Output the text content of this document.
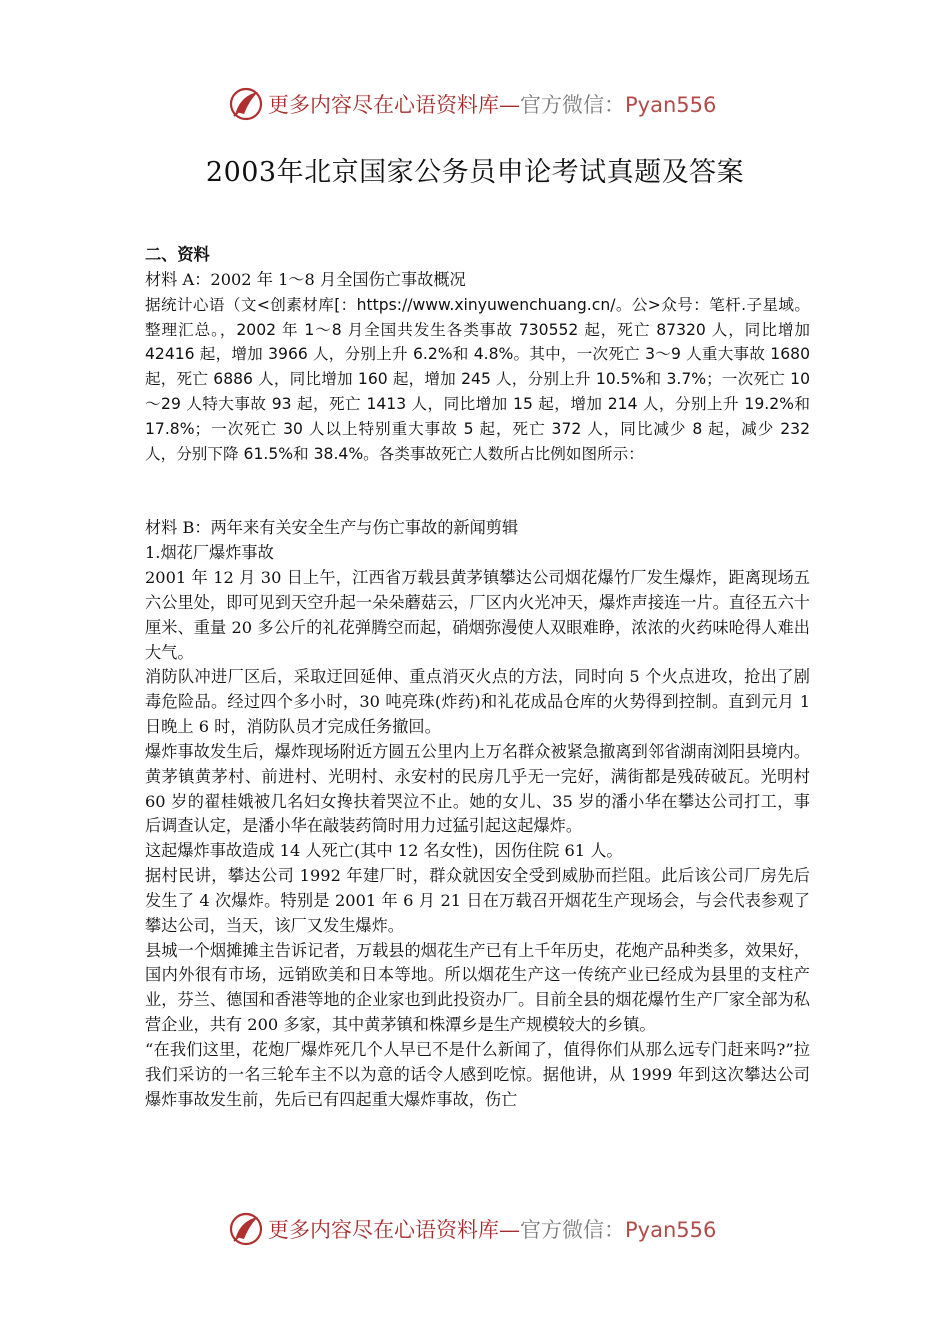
更多内容尽在心语资料库—官方微信：Pyan556
2003年北京国家公务员申论考试真题及答案

二、资料

材料 A：2002 年 1～8 月全国伤亡事故概况

据统计心语（文<创素材库[：https://www.xinyuwenchuang.cn/。公>众号：笔杆.子星域。整理汇总。，2002 年 1～8 月全国共发生各类事故 730552 起，死亡 87320 人，同比增加 42416 起，增加 3966 人，分别上升 6.2%和 4.8%。其中，一次死亡 3～9 人重大事故 1680 起，死亡 6886 人，同比增加 160 起，增加 245 人，分别上升 10.5%和 3.7%；一次死亡 10～29 人特大事故 93 起，死亡 1413 人，同比增加 15 起，增加 214 人，分别上升 19.2%和 17.8%；一次死亡 30 人以上特别重大事故 5 起，死亡 372 人，同比减少 8 起，减少 232 人，分别下降 61.5%和 38.4%。各类事故死亡人数所占比例如图所示：

材料 B：两年来有关安全生产与伤亡事故的新闻剪辑

1.烟花厂爆炸事故

2001 年 12 月 30 日上午，江西省万载县黄茅镇攀达公司烟花爆竹厂发生爆炸，距离现场五六公里处，即可见到天空升起一朵朵蘑菇云，厂区内火光冲天，爆炸声接连一片。直径五六十厘米、重量 20 多公斤的礼花弹腾空而起，硝烟弥漫使人双眼难睁，浓浓的火药味呛得人难出大气。

消防队冲进厂区后，采取迂回延伸、重点消灭火点的方法，同时向 5 个火点进攻，抢出了剧毒危险品。经过四个多小时，30 吨亮珠(炸药)和礼花成品仓库的火势得到控制。直到元月 1 日晚上 6 时，消防队员才完成任务撤回。

爆炸事故发生后，爆炸现场附近方圆五公里内上万名群众被紧急撤离到邻省湖南浏阳县境内。黄茅镇黄茅村、前进村、光明村、永安村的民房几乎无一完好，满街都是残砖破瓦。光明村 60 岁的翟桂娥被几名妇女搀扶着哭泣不止。她的女儿、35 岁的潘小华在攀达公司打工，事后调查认定，是潘小华在敲装药筒时用力过猛引起这起爆炸。

这起爆炸事故造成 14 人死亡(其中 12 名女性)，因伤住院 61 人。

据村民讲，攀达公司 1992 年建厂时，群众就因安全受到威胁而拦阻。此后该公司厂房先后发生了 4 次爆炸。特别是 2001 年 6 月 21 日在万载召开烟花生产现场会，与会代表参观了攀达公司，当天，该厂又发生爆炸。

县城一个烟摊摊主告诉记者，万载县的烟花生产已有上千年历史，花炮产品种类多，效果好，国内外很有市场，远销欧美和日本等地。所以烟花生产这一传统产业已经成为县里的支柱产业，芬兰、德国和香港等地的企业家也到此投资办厂。目前全县的烟花爆竹生产厂家全部为私营企业，共有 200 多家，其中黄茅镇和株潭乡是生产规模较大的乡镇。

“在我们这里，花炮厂爆炸死几个人早已不是什么新闻了，值得你们从那么远专门赶来吗?”拉我们采访的一名三轮车主不以为意的话令人感到吃惊。据他讲，从 1999 年到这次攀达公司爆炸事故发生前，先后已有四起重大爆炸事故，伤亡

更多内容尽在心语资料库—官方微信：Pyan556
